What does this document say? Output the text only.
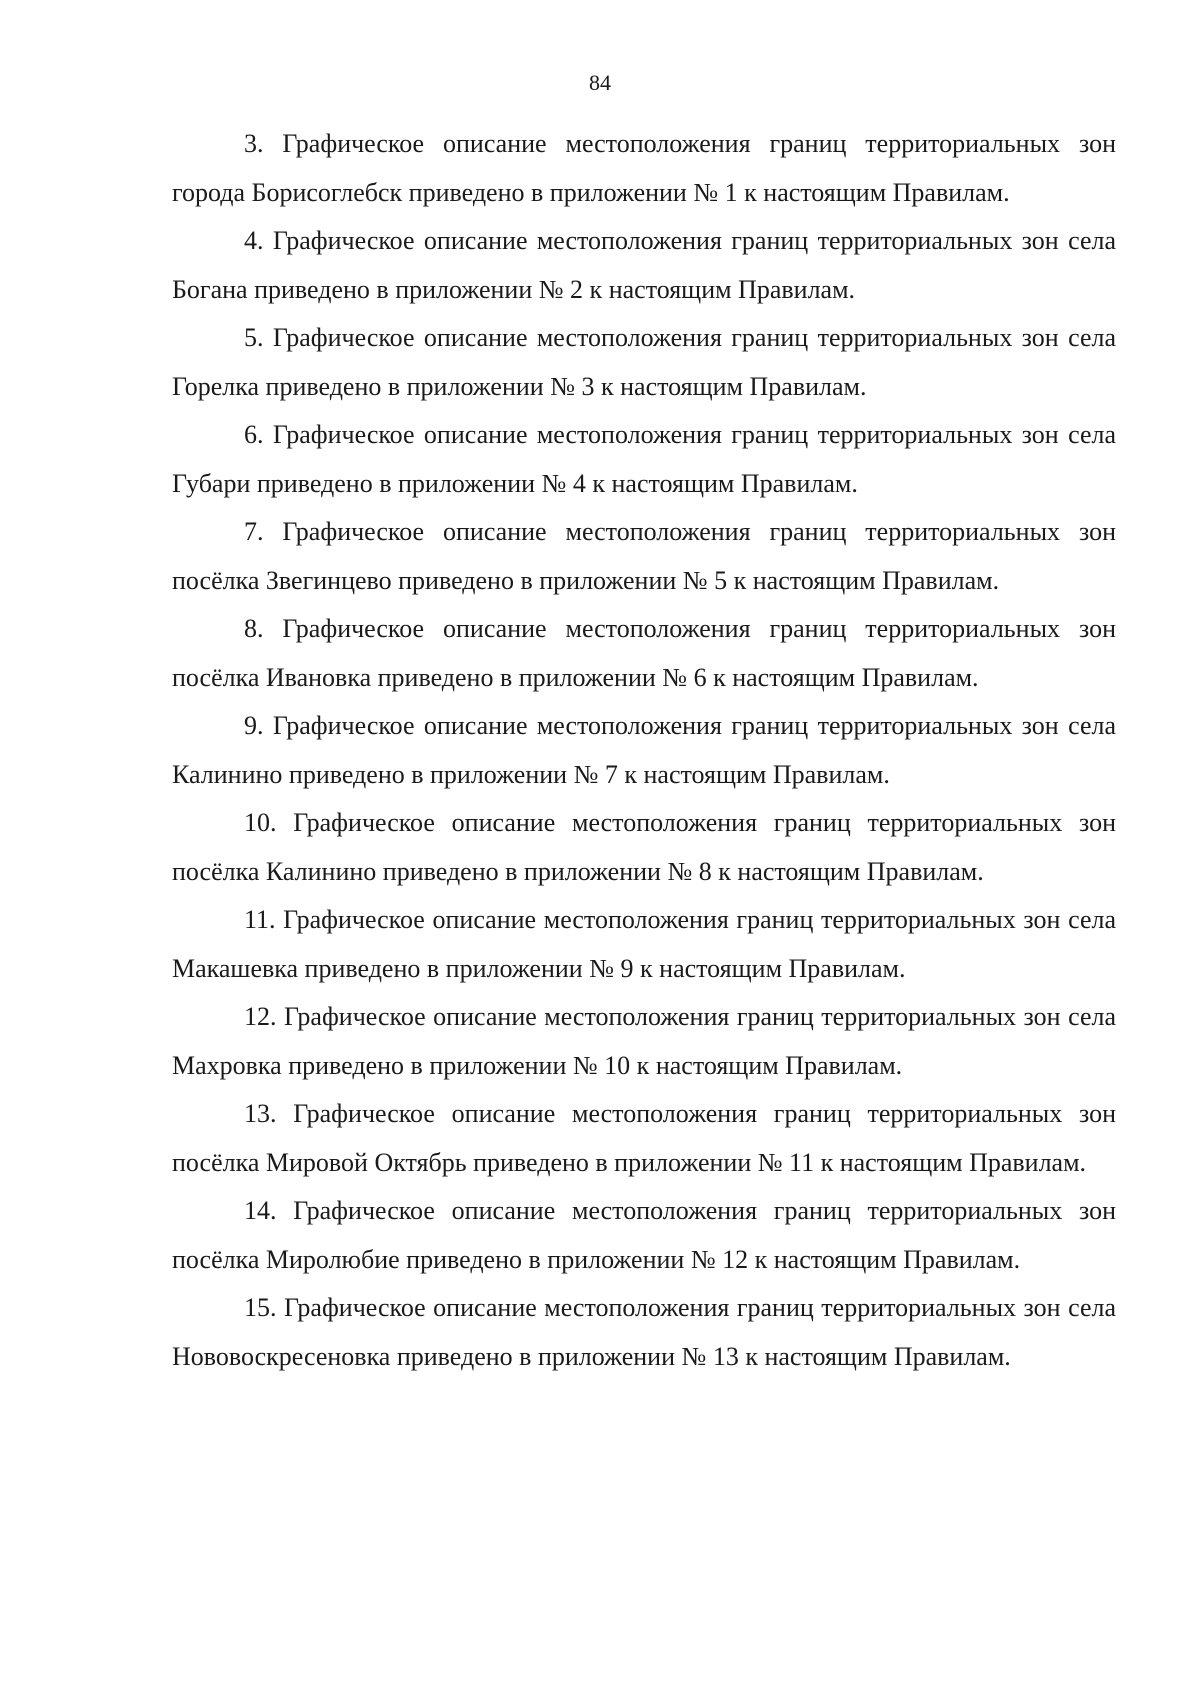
84

3. Графическое описание местоположения границ территориальных зон города Борисоглебск приведено в приложении № 1 к настоящим Правилам.

4. Графическое описание местоположения границ территориальных зон села Богана приведено в приложении № 2 к настоящим Правилам.

5. Графическое описание местоположения границ территориальных зон села Горелка приведено в приложении № 3 к настоящим Правилам.

6. Графическое описание местоположения границ территориальных зон села Губари приведено в приложении № 4 к настоящим Правилам.

7. Графическое описание местоположения границ территориальных зон посёлка Звегинцево приведено в приложении № 5 к настоящим Правилам.

8. Графическое описание местоположения границ территориальных зон посёлка Ивановка приведено в приложении № 6 к настоящим Правилам.

9. Графическое описание местоположения границ территориальных зон села Калинино приведено в приложении № 7 к настоящим Правилам.

10. Графическое описание местоположения границ территориальных зон посёлка Калинино приведено в приложении № 8 к настоящим Правилам.

11. Графическое описание местоположения границ территориальных зон села Макашевка приведено в приложении № 9 к настоящим Правилам.

12. Графическое описание местоположения границ территориальных зон села Махровка приведено в приложении № 10 к настоящим Правилам.

13. Графическое описание местоположения границ территориальных зон посёлка Мировой Октябрь приведено в приложении № 11 к настоящим Правилам.

14. Графическое описание местоположения границ территориальных зон посёлка Миролюбие приведено в приложении № 12 к настоящим Правилам.

15. Графическое описание местоположения границ территориальных зон села Нововоскресеновка приведено в приложении № 13 к настоящим Правилам.
